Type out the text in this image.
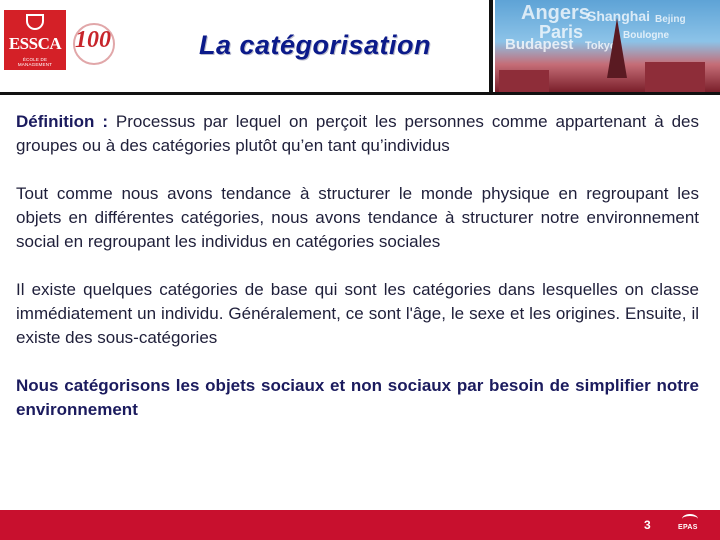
ESSCA
ÉCOLE DE MANAGEMENT
100	La catégorisation
Angers
Shanghai
Paris
Budapest Tokyo
Boulogne
Bejing

Définition : Processus par lequel on perçoit les personnes comme appartenant à des groupes ou à des catégories plutôt qu’en tant qu’individus

Tout comme nous avons tendance à structurer le monde physique en regroupant les objets en différentes catégories, nous avons tendance à structurer notre environnement social en regroupant les individus en catégories sociales

Il existe quelques catégories de base qui sont les catégories dans lesquelles on classe immédiatement un individu. Généralement, ce sont l'âge, le sexe et les origines. Ensuite, il existe des sous-catégories

Nous catégorisons les objets sociaux et non sociaux par besoin de simplifier notre environnement

3	EPAS
